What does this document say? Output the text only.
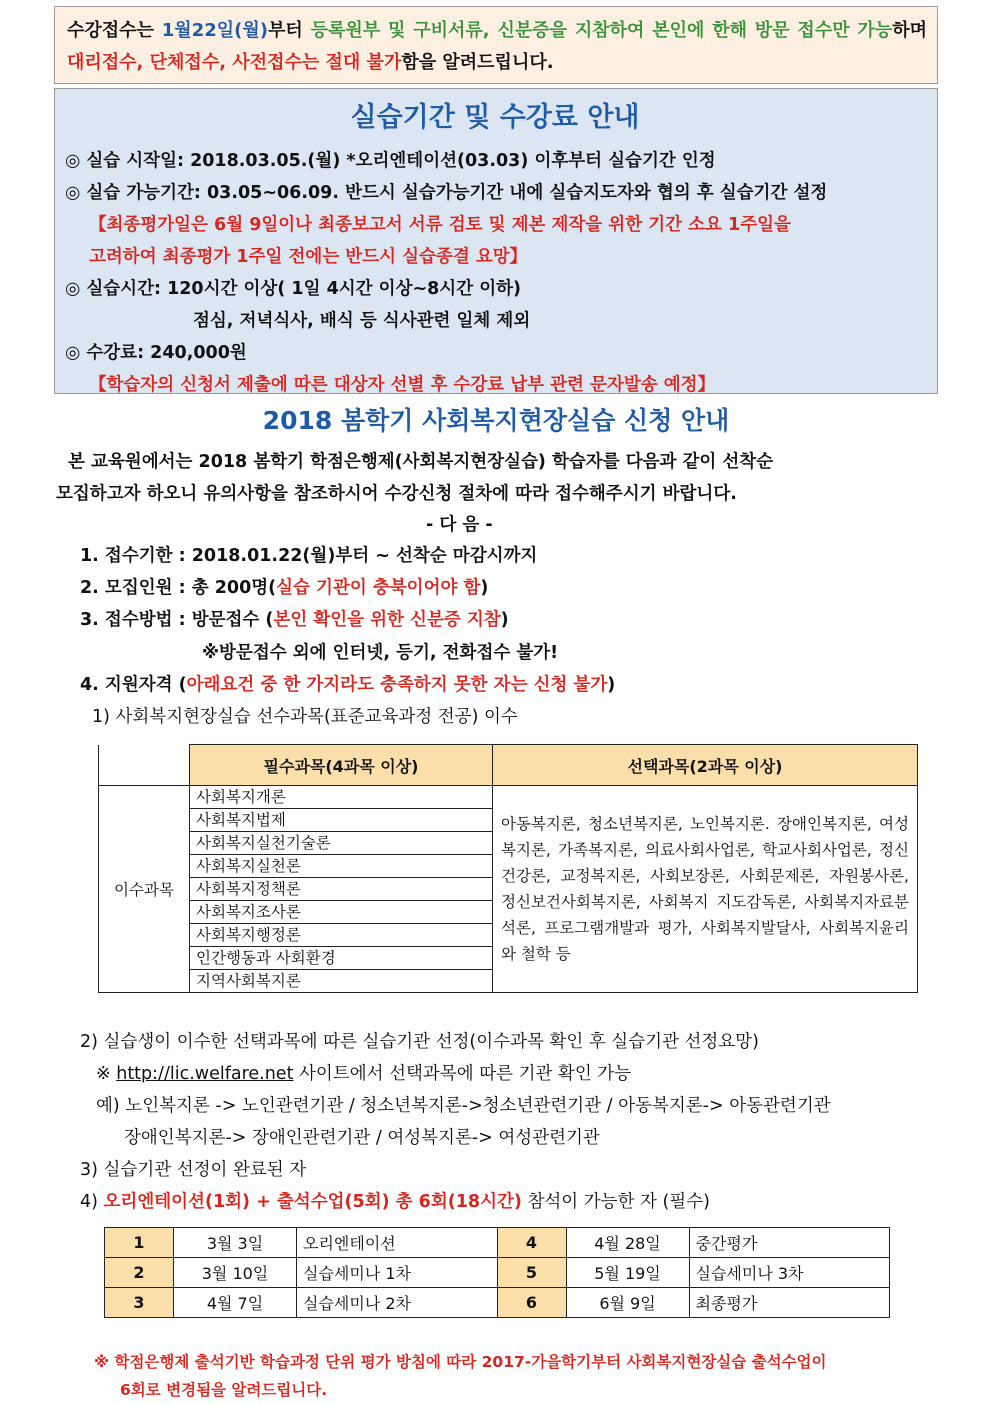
수강접수는 1월22일(월)부터 등록원부 및 구비서류, 신분증을 지참하여 본인에 한해 방문 접수만 가능하며 대리접수, 단체접수, 사전접수는 절대 불가함을 알려드립니다.
실습기간 및 수강료 안내
◎ 실습 시작일: 2018.03.05.(월) *오리엔테이션(03.03) 이후부터 실습기간 인정
◎ 실습 가능기간: 03.05~06.09. 반드시 실습가능기간 내에 실습지도자와 협의 후 실습기간 설정
【최종평가일은 6월 9일이나 최종보고서 서류 검토 및 제본 제작을 위한 기간 소요 1주일을
고려하여 최종평가 1주일 전에는 반드시 실습종결 요망】
◎ 실습시간: 120시간 이상( 1일 4시간 이상~8시간 이하)
점심, 저녁식사, 배식 등 식사관련 일체 제외
◎ 수강료: 240,000원
【학습자의 신청서 제출에 따른 대상자 선별 후 수강료 납부 관련 문자발송 예정】
2018 봄학기 사회복지현장실습 신청 안내
본 교육원에서는 2018 봄학기 학점은행제(사회복지현장실습) 학습자를 다음과 같이 선착순
모집하고자 하오니 유의사항을 참조하시어 수강신청 절차에 따라 접수해주시기 바랍니다.
- 다 음 -
1. 접수기한 : 2018.01.22(월)부터 ~ 선착순 마감시까지
2. 모집인원 : 총 200명(실습 기관이 충북이어야 함)
3. 접수방법 : 방문접수 (본인 확인을 위한 신분증 지참)
※방문접수 외에 인터넷, 등기, 전화접수 불가!
4. 지원자격 (아래요건 중 한 가지라도 충족하지 못한 자는 신청 불가)
1) 사회복지현장실습 선수과목(표준교육과정 전공) 이수
	필수과목(4과목 이상)	선택과목(2과목 이상)
이수과목	사회복지개론	아동복지론, 청소년복지론, 노인복지론. 장애인복지론, 여성복지론, 가족복지론, 의료사회사업론, 학교사회사업론, 정신건강론, 교정복지론, 사회보장론, 사회문제론, 자원봉사론, 정신보건사회복지론, 사회복지 지도감독론, 사회복지자료분석론, 프로그램개발과 평가, 사회복지발달사, 사회복지윤리와 철학 등
	사회복지법제	
	사회복지실천기술론	
	사회복지실천론	
	사회복지정책론	
	사회복지조사론	
	사회복지행정론	
	인간행동과 사회환경	
	지역사회복지론	
2) 실습생이 이수한 선택과목에 따른 실습기관 선정(이수과목 확인 후 실습기관 선정요망)
※ http://lic.welfare.net 사이트에서 선택과목에 따른 기관 확인 가능
예) 노인복지론 -> 노인관련기관 / 청소년복지론->청소년관련기관 / 아동복지론-> 아동관련기관
장애인복지론-> 장애인관련기관 / 여성복지론-> 여성관련기관
3) 실습기관 선정이 완료된 자
4) 오리엔테이션(1회) + 출석수업(5회) 총 6회(18시간) 참석이 가능한 자 (필수)
1	3월 3일	오리엔테이션	4	4월 28일	중간평가
2	3월 10일	실습세미나 1차	5	5월 19일	실습세미나 3차
3	4월 7일	실습세미나 2차	6	6월 9일	최종평가
※ 학점은행제 출석기반 학습과정 단위 평가 방침에 따라 2017-가을학기부터 사회복지현장실습 출석수업이
6회로 변경됨을 알려드립니다.
